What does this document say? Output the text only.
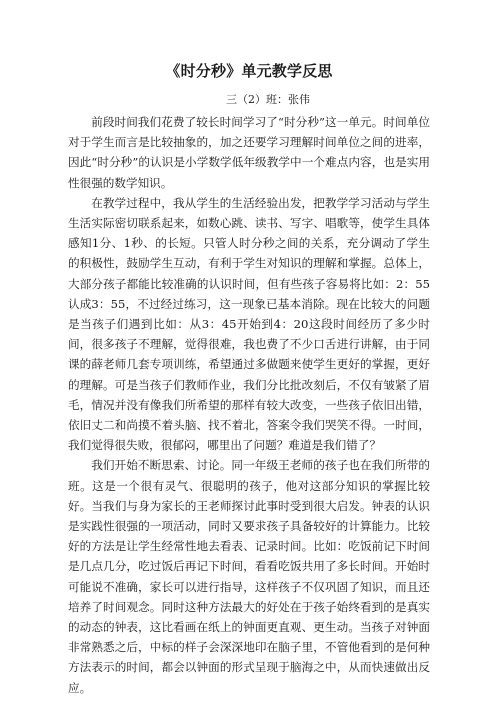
《时分秒》单元教学反思
三（2）班：张伟

前段时间我们花费了较长时间学习了“时分秒”这一单元。时间单位对于学生而言是比较抽象的，加之还要学习理解时间单位之间的进率，因此“时分秒”的认识是小学数学低年级教学中一个难点内容，也是实用性很强的数学知识。

在教学过程中，我从学生的生活经验出发，把教学学习活动与学生生活实际密切联系起来，如数心跳、读书、写字、唱歌等，使学生具体感知1分、1秒、的长短。只管人时分秒之间的关系，充分调动了学生的积极性，鼓励学生互动，有利于学生对知识的理解和掌握。总体上，大部分孩子都能比较准确的认识时间，但有些孩子容易将比如：2：55认成3：55，不过经过练习，这一现象已基本消除。现在比较大的问题是当孩子们遇到比如：从3：45开始到4：20这段时间经历了多少时间，很多孩子不理解，觉得很难，我也费了不少口舌进行讲解，由于同课的薛老师几套专项训练，希望通过多做题来使学生更好的掌握，更好的理解。可是当孩子们教师作业，我们分比批改刻后，不仅有皱紧了眉毛，情况并没有像我们所希望的那样有较大改变，一些孩子依旧出错，依旧丈二和尚摸不着头脑、找不着北，答案令我们哭笑不得。一时间，我们觉得很失败，很郁闷，哪里出了问题？难道是我们错了？

我们开始不断思索、讨论。同一年级王老师的孩子也在我们所带的班。这是一个很有灵气、很聪明的孩子，他对这部分知识的掌握比较好。当我们与身为家长的王老师探讨此事时受到很大启发。钟表的认识是实践性很强的一项活动，同时又要求孩子具备较好的计算能力。比较好的方法是让学生经常性地去看表、记录时间。比如：吃饭前记下时间是几点几分，吃过饭后再记下时间，看看吃饭共用了多长时间。开始时可能说不准确，家长可以进行指导，这样孩子不仅巩固了知识，而且还培养了时间观念。同时这种方法最大的好处在于孩子始终看到的是真实的动态的钟表，这比看画在纸上的钟面更直观、更生动。当孩子对钟面非常熟悉之后，中标的样子会深深地印在脑子里，不管他看到的是何种方法表示的时间，都会以钟面的形式呈现于脑海之中，从而快速做出反应。
